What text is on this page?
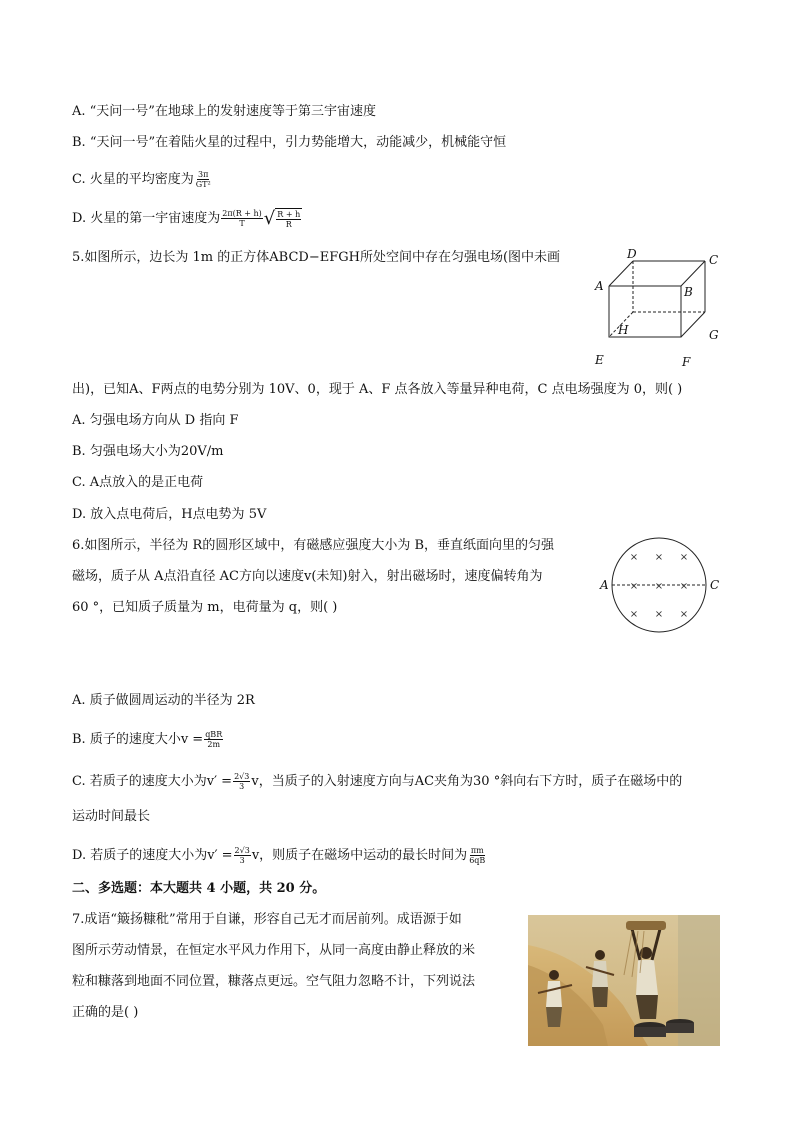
A. “天问一号”在地球上的发射速度等于第三宇宙速度
B. “天问一号”在着陆火星的过程中，引力势能增大，动能减少，机械能守恒
C. 火星的平均密度为 $\frac{3\pi}{\text{GT²}}$
D. 火星的第一宇宙速度为 $\frac{2\pi(R + h)}{T}$ √ $\frac{R + h}{R}$
5.如图所示，边长为 1m 的正方体ABCD−EFGH所处空间中存在匀强电场(图中未画	D	C
A	B
H	G
E	F
出)，已知A、F两点的电势分别为 10V、0，现于 A、F 点各放入等量异种电荷，C 点电场强度为 0，则( )
A. 匀强电场方向从 D 指向 F
B. 匀强电场大小为20V/m
C. A点放入的是正电荷
D. 放入点电荷后，H点电势为 5V
6.如图所示，半径为 R的圆形区域中，有磁感应强度大小为 B，垂直纸面向里的匀强
磁场，质子从 A点沿直径 AC方向以速度v(未知)射入，射出磁场时，速度偏转角为
60 °，已知质子质量为 m，电荷量为 q，则( )
× × ×
× × ×
× × ×
A	C
A. 质子做圆周运动的半径为 2R
B. 质子的速度大小$v = \frac{\text{qBR}}{2m}$
C. 若质子的速度大小为$v' = \frac{2√3}{3}$ v，当质子的入射速度方向与AC夹角为30 °斜向右下方时，质子在磁场中的
运动时间最长
D. 若质子的速度大小为$v' = \frac{2√3}{3}$ v，则质子在磁场中运动的最长时间为 $\frac{\pi m}{6qB}$
二、多选题：本大题共 4 小题，共 20 分。
7.成语“簸扬糠秕”常用于自谦，形容自己无才而居前列。成语源于如
图所示劳动情景，在恒定水平风力作用下，从同一高度由静止释放的米
粒和糠落到地面不同位置，糠落点更远。空气阻力忽略不计，下列说法
正确的是( )
